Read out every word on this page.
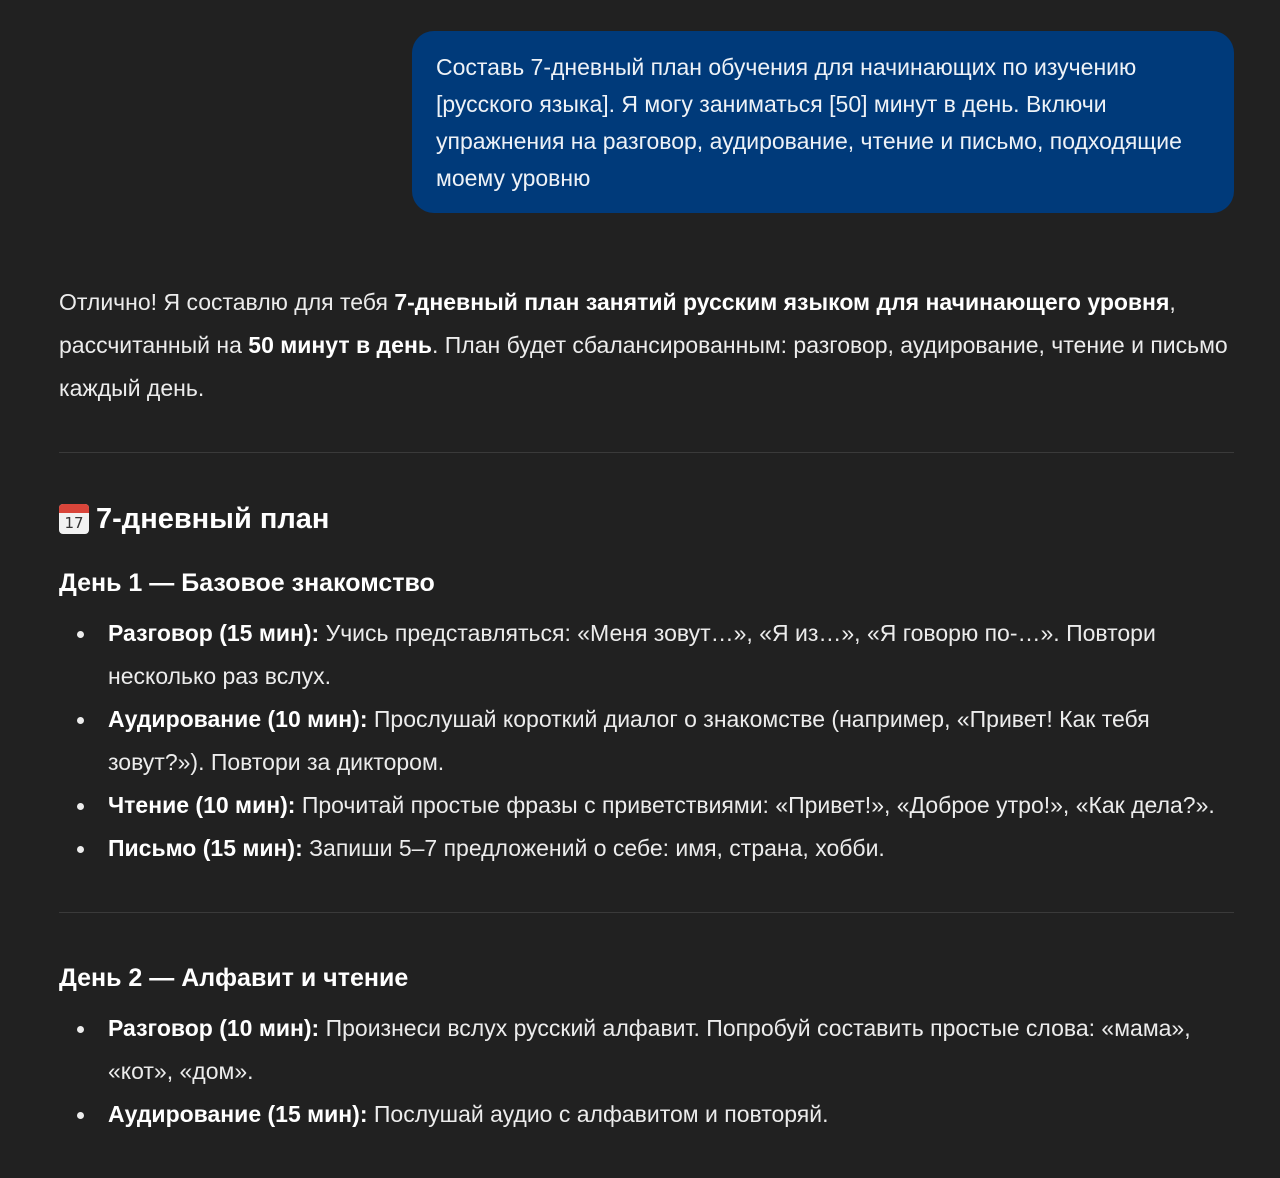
Составь 7-дневный план обучения для начинающих по изучению [русского языка]. Я могу заниматься [50] минут в день. Включи упражнения на разговор, аудирование, чтение и письмо, подходящие моему уровню

Отлично! Я составлю для тебя 7-дневный план занятий русским языком для начинающего уровня, рассчитанный на 50 минут в день. План будет сбалансированным: разговор, аудирование, чтение и письмо каждый день.

17 7-дневный план
День 1 — Базовое знакомство
Разговор (15 мин): Учись представляться: «Меня зовут…», «Я из…», «Я говорю по-…». Повтори несколько раз вслух.
Аудирование (10 мин): Прослушай короткий диалог о знакомстве (например, «Привет! Как тебя зовут?»). Повтори за диктором.
Чтение (10 мин): Прочитай простые фразы с приветствиями: «Привет!», «Доброе утро!», «Как дела?».
Письмо (15 мин): Запиши 5–7 предложений о себе: имя, страна, хобби.
День 2 — Алфавит и чтение
Разговор (10 мин): Произнеси вслух русский алфавит. Попробуй составить простые слова: «мама», «кот», «дом».
Аудирование (15 мин): Послушай аудио с алфавитом и повторяй.
